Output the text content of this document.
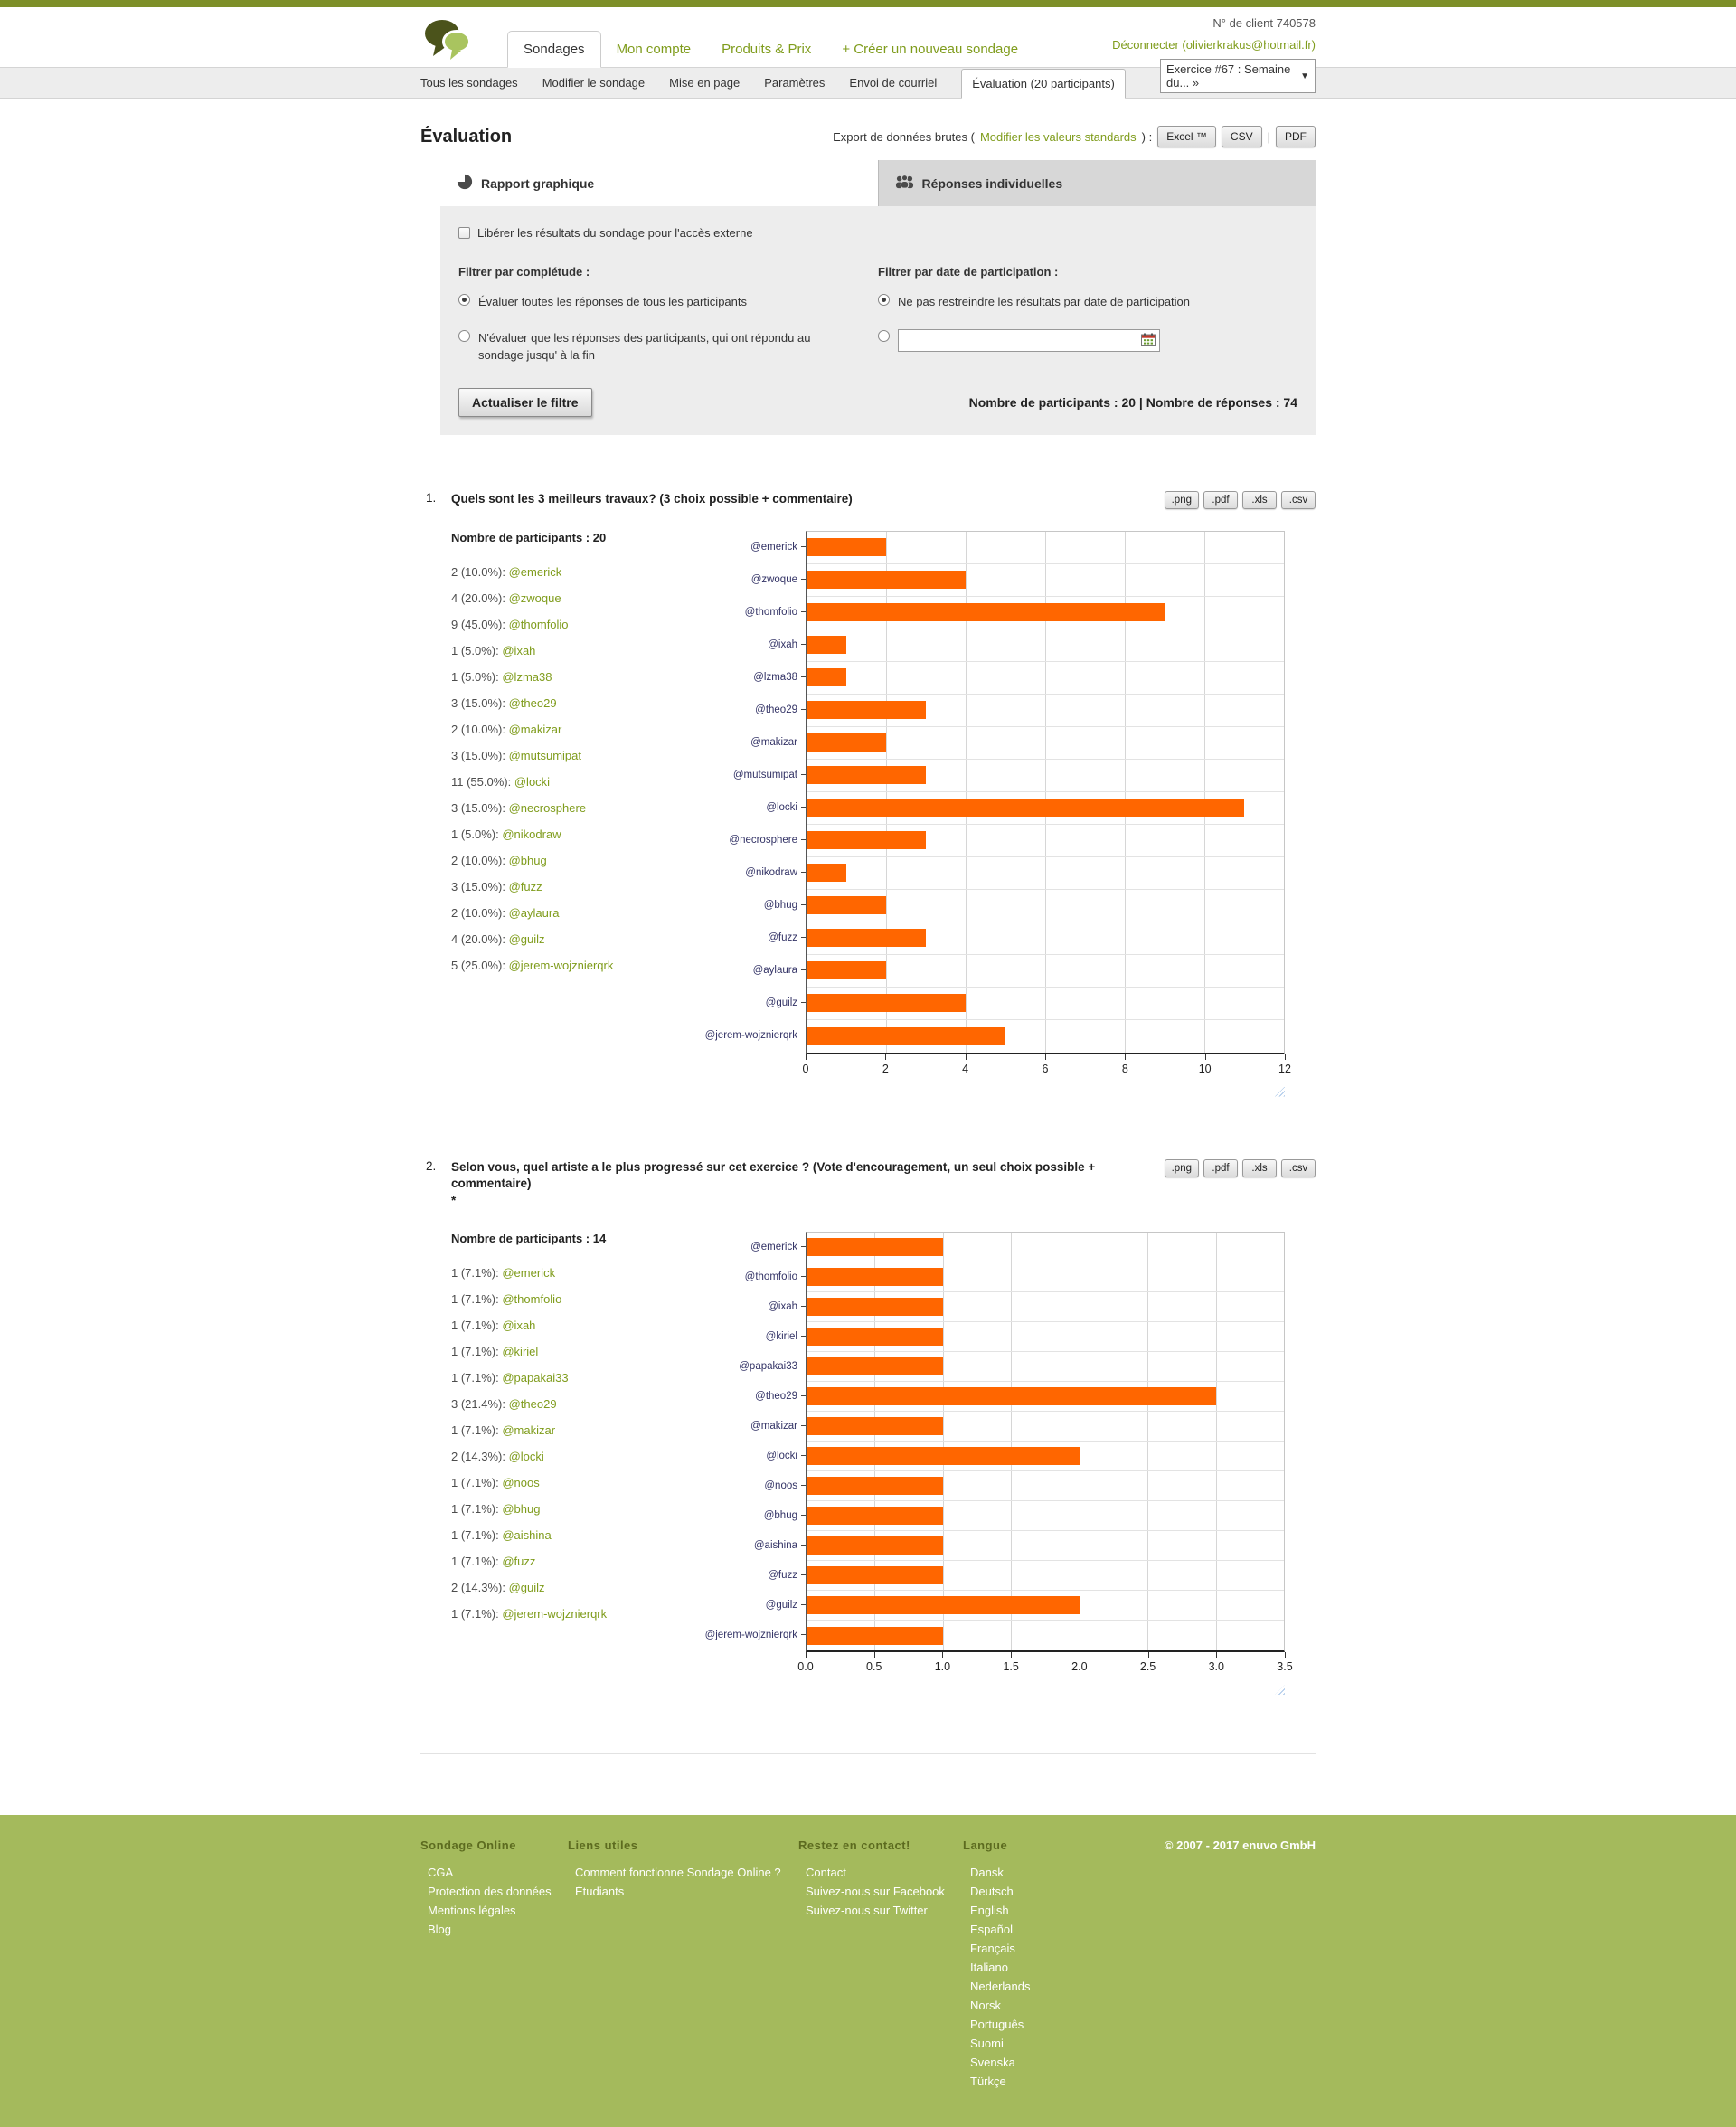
Sondages	Mon compte	Produits & Prix	+ Créer un nouveau sondage
N° de client 740578
Déconnecter (olivierkrakus@hotmail.fr)
Tous les sondages Modifier le sondage Mise en page Paramètres Envoi de courriel	Évaluation (20 participants)
Exercice #67 : Semaine du... »	▼
Évaluation	Export de données brutes ( Modifier les valeurs standards ) :	Excel ™	CSV	|	PDF
Rapport graphique	Réponses individuelles
Libérer les résultats du sondage pour l'accès externe
Filtrer par complétude :
Évaluer toutes les réponses de tous les participants
N'évaluer que les réponses des participants, qui ont répondu au sondage jusqu' à la fin
Filtrer par date de participation :
Ne pas restreindre les résultats par date de participation
Actualiser le filtre	Nombre de participants : 20 | Nombre de réponses : 74
1.	Quels sont les 3 meilleurs travaux? (3 choix possible + commentaire)	.png	.pdf	.xls	.csv
Nombre de participants : 20
2 (10.0%): @emerick
4 (20.0%): @zwoque
9 (45.0%): @thomfolio
1 (5.0%): @ixah
1 (5.0%): @lzma38
3 (15.0%): @theo29
2 (10.0%): @makizar
3 (15.0%): @mutsumipat
11 (55.0%): @locki
3 (15.0%): @necrosphere
1 (5.0%): @nikodraw
2 (10.0%): @bhug
3 (15.0%): @fuzz
2 (10.0%): @aylaura
4 (20.0%): @guilz
5 (25.0%): @jerem-wojznierqrk
@emerick
@zwoque
@thomfolio
@ixah
@lzma38
@theo29
@makizar
@mutsumipat
@locki
@necrosphere
@nikodraw
@bhug
@fuzz
@aylaura
@guilz
@jerem-wojznierqrk
0	2	4	6	8	10	12
2.	Selon vous, quel artiste a le plus progressé sur cet exercice ? (Vote d'encouragement, un seul choix possible + commentaire)
*
.png	.pdf	.xls	.csv
Nombre de participants : 14
1 (7.1%): @emerick
1 (7.1%): @thomfolio
1 (7.1%): @ixah
1 (7.1%): @kiriel
1 (7.1%): @papakai33
3 (21.4%): @theo29
1 (7.1%): @makizar
2 (14.3%): @locki
1 (7.1%): @noos
1 (7.1%): @bhug
1 (7.1%): @aishina
1 (7.1%): @fuzz
2 (14.3%): @guilz
1 (7.1%): @jerem-wojznierqrk
@emerick
@thomfolio
@ixah
@kiriel
@papakai33
@theo29
@makizar
@locki
@noos
@bhug
@aishina
@fuzz
@guilz
@jerem-wojznierqrk
0.0	0.5	1.0	1.5	2.0	2.5	3.0	3.5
Sondage Online
CGA
Protection des données
Mentions légales
Blog
Liens utiles
Comment fonctionne Sondage Online ?
Étudiants
Restez en contact!
Contact
Suivez-nous sur Facebook
Suivez-nous sur Twitter
Langue
Dansk
Deutsch
English
Español
Français
Italiano
Nederlands
Norsk
Português
Suomi
Svenska
Türkçe
© 2007 - 2017 enuvo GmbH
